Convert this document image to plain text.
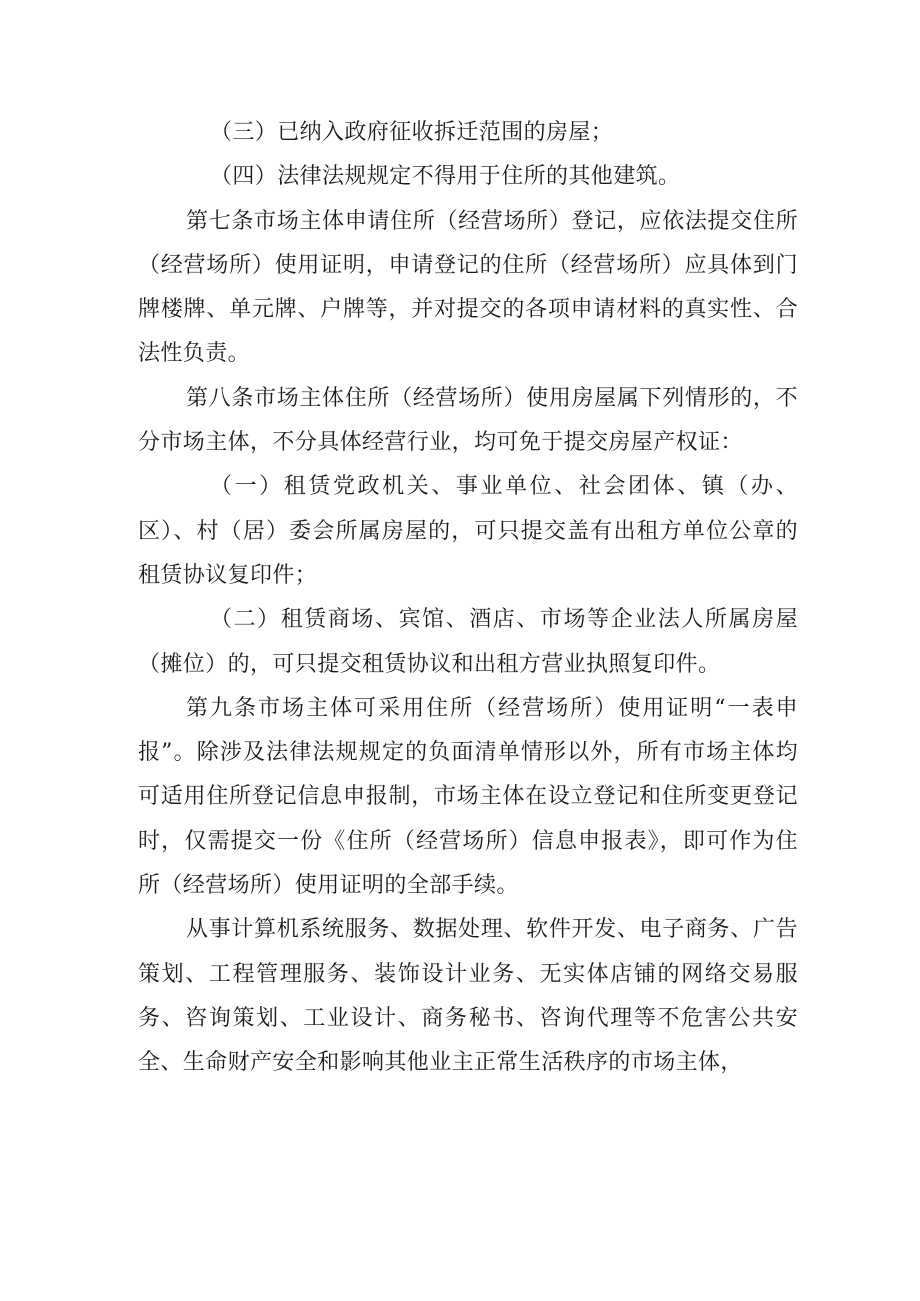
（三）已纳入政府征收拆迁范围的房屋；

（四）法律法规规定不得用于住所的其他建筑。

第七条市场主体申请住所（经营场所）登记，应依法提交住所（经营场所）使用证明，申请登记的住所（经营场所）应具体到门牌楼牌、单元牌、户牌等，并对提交的各项申请材料的真实性、合法性负责。

第八条市场主体住所（经营场所）使用房屋属下列情形的，不分市场主体，不分具体经营行业，均可免于提交房屋产权证：

（一）租赁党政机关、事业单位、社会团体、镇（办、区）、村（居）委会所属房屋的，可只提交盖有出租方单位公章的租赁协议复印件；

（二）租赁商场、宾馆、酒店、市场等企业法人所属房屋（摊位）的，可只提交租赁协议和出租方营业执照复印件。

第九条市场主体可采用住所（经营场所）使用证明“一表申报”。除涉及法律法规规定的负面清单情形以外，所有市场主体均可适用住所登记信息申报制，市场主体在设立登记和住所变更登记时，仅需提交一份《住所（经营场所）信息申报表》，即可作为住所（经营场所）使用证明的全部手续。

从事计算机系统服务、数据处理、软件开发、电子商务、广告策划、工程管理服务、装饰设计业务、无实体店铺的网络交易服务、咨询策划、工业设计、商务秘书、咨询代理等不危害公共安全、生命财产安全和影响其他业主正常生活秩序的市场主体，
